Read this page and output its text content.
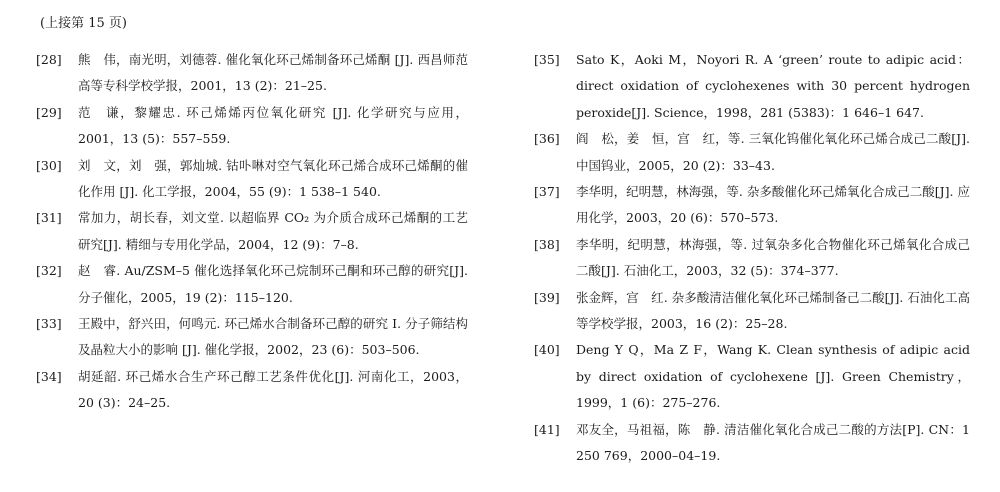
(上接第 15 页)
[28]	熊　伟，南光明，刘德蓉. 催化氧化环己烯制备环己烯酮 [J]. 西昌师范高等专科学校学报，2001，13 (2)：21–25.
[29]	范　谦，黎耀忠. 环己烯烯丙位氧化研究 [J]. 化学研究与应用，2001，13 (5)：557–559.
[30]	刘　文，刘　强，郭灿城. 钴卟啉对空气氧化环己烯合成环己烯酮的催化作用 [J]. 化工学报，2004，55 (9)：1 538–1 540.
[31]	常加力，胡长春，刘文堂. 以超临界 CO₂ 为介质合成环己烯酮的工艺研究[J]. 精细与专用化学品，2004，12 (9)：7–8.
[32]	赵　睿. Au/ZSM–5 催化选择氧化环己烷制环己酮和环己醇的研究[J]. 分子催化，2005，19 (2)：115–120.
[33]	王殿中，舒兴田，何鸣元. 环己烯水合制备环己醇的研究 Ⅰ. 分子筛结构及晶粒大小的影响 [J]. 催化学报，2002，23 (6)：503–506.
[34]	胡延韶. 环己烯水合生产环己醇工艺条件优化[J]. 河南化工，2003，20 (3)：24–25.
[35]	Sato K，Aoki M，Noyori R. A ‘green’ route to adipic acid：direct oxidation of cyclohexenes with 30 percent hydrogen peroxide[J]. Science，1998，281 (5383)：1 646–1 647.
[36]	阎　松，姜　恒，宫　红，等. 三氧化钨催化氧化环己烯合成己二酸[J]. 中国钨业，2005，20 (2)：33–43.
[37]	李华明，纪明慧，林海强，等. 杂多酸催化环己烯氧化合成己二酸[J]. 应用化学，2003，20 (6)：570–573.
[38]	李华明，纪明慧，林海强，等. 过氧杂多化合物催化环己烯氧化合成己二酸[J]. 石油化工，2003，32 (5)：374–377.
[39]	张金辉，宫　红. 杂多酸清洁催化氧化环己烯制备己二酸[J]. 石油化工高等学校学报，2003，16 (2)：25–28.
[40]	Deng Y Q，Ma Z F，Wang K. Clean synthesis of adipic acid by direct oxidation of cyclohexene [J]. Green Chemistry，1999，1 (6)：275–276.
[41]	邓友全，马祖福，陈　静. 清洁催化氧化合成己二酸的方法[P]. CN：1 250 769，2000–04–19.
